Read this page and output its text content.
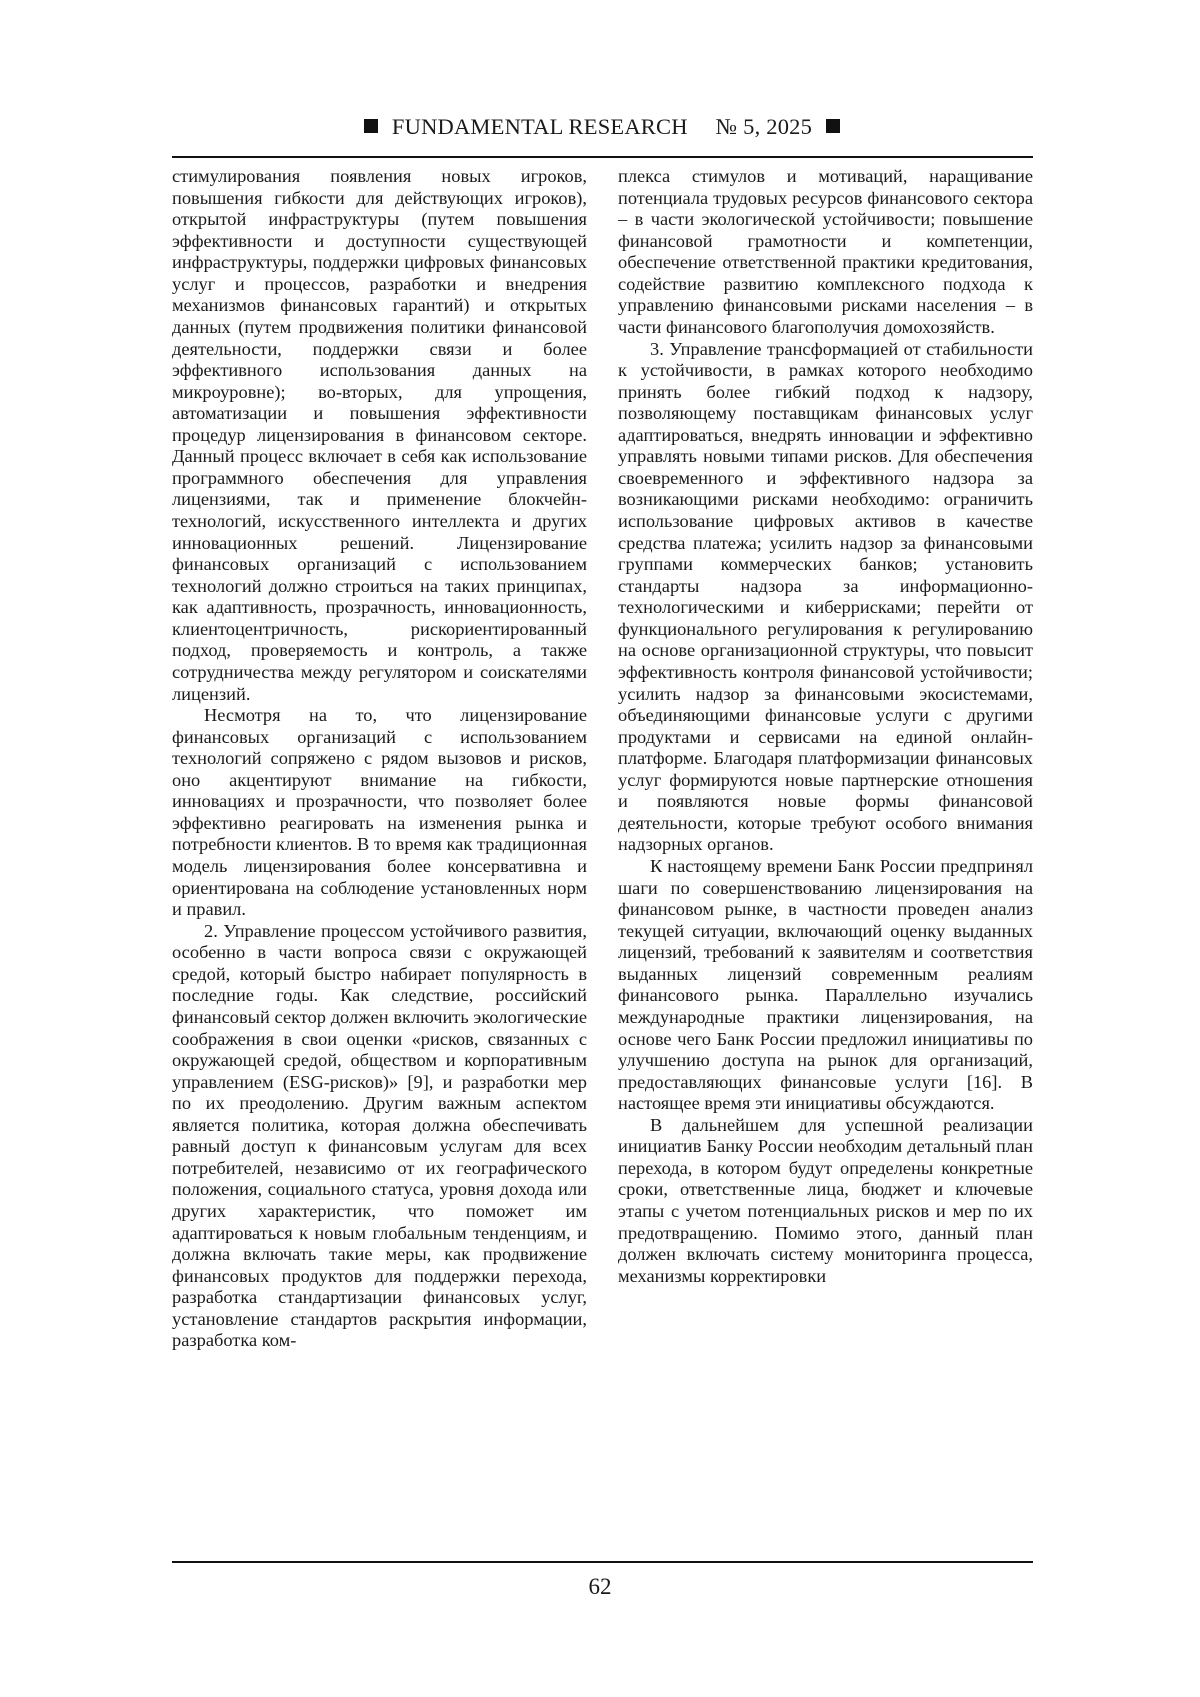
FUNDAMENTAL RESEARCH № 5, 2025

стимулирования появления новых игроков, повышения гибкости для действующих игроков), открытой инфраструктуры (путем повышения эффективности и доступности существующей инфраструктуры, поддержки цифровых финансовых услуг и процессов, разработки и внедрения механизмов финансовых гарантий) и открытых данных (путем продвижения политики финансовой деятельности, поддержки связи и более эффективного использования данных на микроуровне); во-вторых, для упрощения, автоматизации и повышения эффективности процедур лицензирования в финансовом секторе. Данный процесс включает в себя как использование программного обеспечения для управления лицензиями, так и применение блокчейн-технологий, искусственного интеллекта и других инновационных решений. Лицензирование финансовых организаций с использованием технологий должно строиться на таких принципах, как адаптивность, прозрачность, инновационность, клиентоцентричность, рискориентированный подход, проверяемость и контроль, а также сотрудничества между регулятором и соискателями лицензий.

Несмотря на то, что лицензирование финансовых организаций с использованием технологий сопряжено с рядом вызовов и рисков, оно акцентируют внимание на гибкости, инновациях и прозрачности, что позволяет более эффективно реагировать на изменения рынка и потребности клиентов. В то время как традиционная модель лицензирования более консервативна и ориентирована на соблюдение установленных норм и правил.

2. Управление процессом устойчивого развития, особенно в части вопроса связи с окружающей средой, который быстро набирает популярность в последние годы. Как следствие, российский финансовый сектор должен включить экологические соображения в свои оценки «рисков, связанных с окружающей средой, обществом и корпоративным управлением (ESG-рисков)» [9], и разработки мер по их преодолению. Другим важным аспектом является политика, которая должна обеспечивать равный доступ к финансовым услугам для всех потребителей, независимо от их географического положения, социального статуса, уровня дохода или других характеристик, что поможет им адаптироваться к новым глобальным тенденциям, и должна включать такие меры, как продвижение финансовых продуктов для поддержки перехода, разработка стандартизации финансовых услуг, установление стандартов раскрытия информации, разработка ком-

плекса стимулов и мотиваций, наращивание потенциала трудовых ресурсов финансового сектора – в части экологической устойчивости; повышение финансовой грамотности и компетенции, обеспечение ответственной практики кредитования, содействие развитию комплексного подхода к управлению финансовыми рисками населения – в части финансового благополучия домохозяйств.

3. Управление трансформацией от стабильности к устойчивости, в рамках которого необходимо принять более гибкий подход к надзору, позволяющему поставщикам финансовых услуг адаптироваться, внедрять инновации и эффективно управлять новыми типами рисков. Для обеспечения своевременного и эффективного надзора за возникающими рисками необходимо: ограничить использование цифровых активов в качестве средства платежа; усилить надзор за финансовыми группами коммерческих банков; установить стандарты надзора за информационно-технологическими и киберрисками; перейти от функционального регулирования к регулированию на основе организационной структуры, что повысит эффективность контроля финансовой устойчивости; усилить надзор за финансовыми экосистемами, объединяющими финансовые услуги с другими продуктами и сервисами на единой онлайн-платформе. Благодаря платформизации финансовых услуг формируются новые партнерские отношения и появляются новые формы финансовой деятельности, которые требуют особого внимания надзорных органов.

К настоящему времени Банк России предпринял шаги по совершенствованию лицензирования на финансовом рынке, в частности проведен анализ текущей ситуации, включающий оценку выданных лицензий, требований к заявителям и соответствия выданных лицензий современным реалиям финансового рынка. Параллельно изучались международные практики лицензирования, на основе чего Банк России предложил инициативы по улучшению доступа на рынок для организаций, предоставляющих финансовые услуги [16]. В настоящее время эти инициативы обсуждаются.

В дальнейшем для успешной реализации инициатив Банку России необходим детальный план перехода, в котором будут определены конкретные сроки, ответственные лица, бюджет и ключевые этапы с учетом потенциальных рисков и мер по их предотвращению. Помимо этого, данный план должен включать систему мониторинга процесса, механизмы корректировки

62
